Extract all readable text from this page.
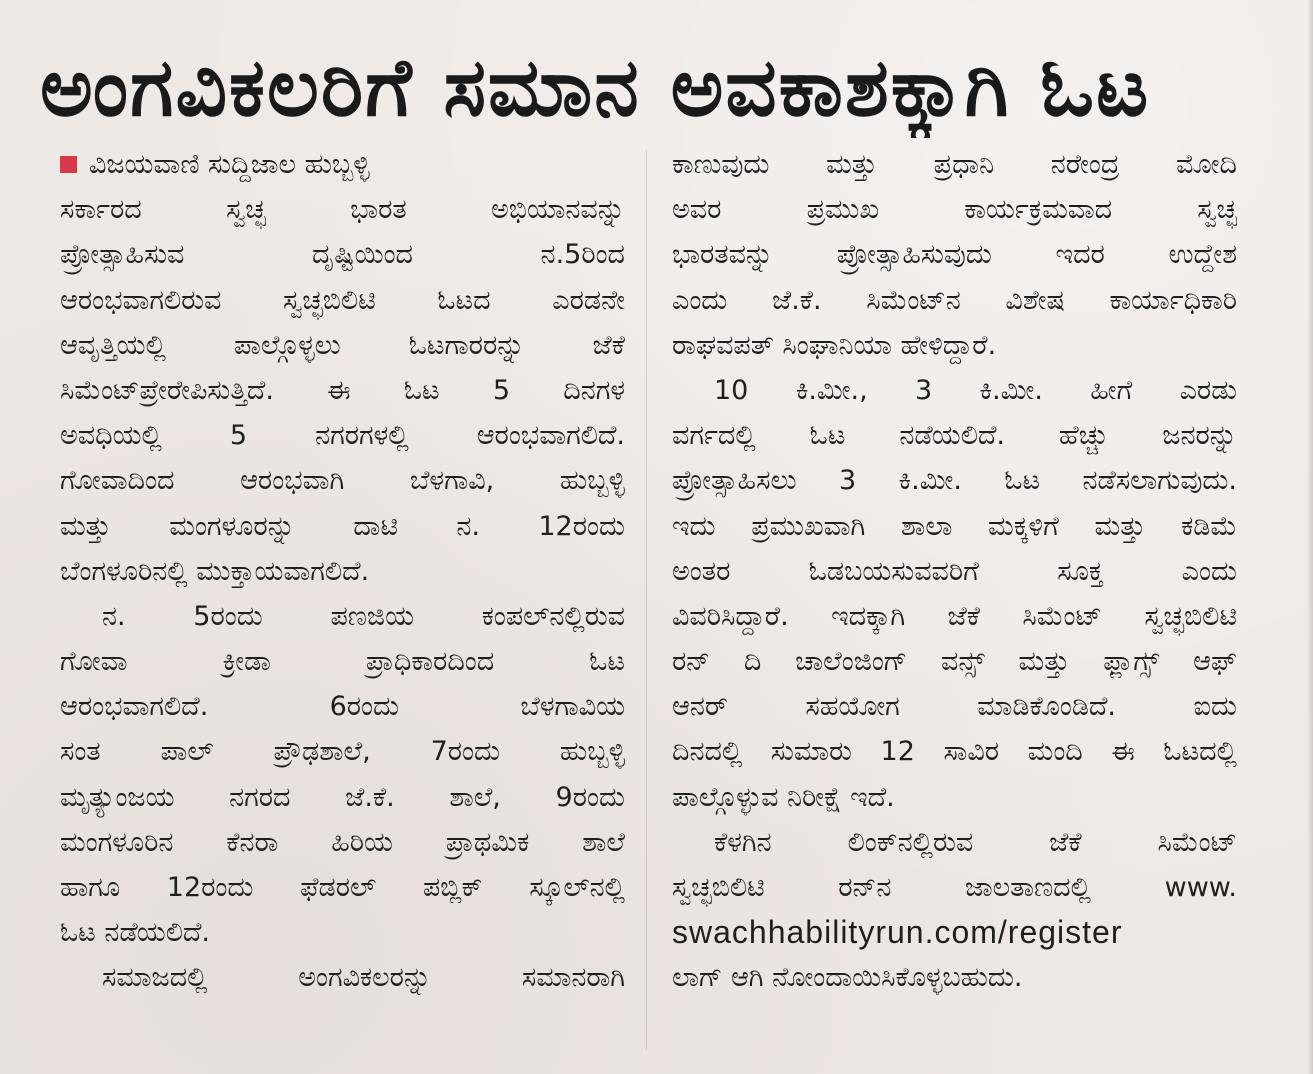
ಅಂಗವಿಕಲರಿಗೆ ಸಮಾನ ಅವಕಾಶಕ್ಕಾಗಿ ಓಟ
ವಿಜಯವಾಣಿ ಸುದ್ದಿಜಾಲ ಹುಬ್ಬಳ್ಳಿ
ಸರ್ಕಾರದ ಸ್ವಚ್ಛ ಭಾರತ ಅಭಿಯಾನವನ್ನು
ಪ್ರೋತ್ಸಾಹಿಸುವ ದೃಷ್ಟಿಯಿಂದ ನ.5ರಿಂದ
ಆರಂಭವಾಗಲಿರುವ ಸ್ವಚ್ಛಬಿಲಿಟಿ ಓಟದ ಎರಡನೇ
ಆವೃತ್ತಿಯಲ್ಲಿ ಪಾಲ್ಗೊಳ್ಳಲು ಓಟಗಾರರನ್ನು ಜೆಕೆ
ಸಿಮೆಂಟ್‌ಪ್ರೇರೇಪಿಸುತ್ತಿದೆ. ಈ ಓಟ 5 ದಿನಗಳ
ಅವಧಿಯಲ್ಲಿ 5 ನಗರಗಳಲ್ಲಿ ಆರಂಭವಾಗಲಿದೆ.
ಗೋವಾದಿಂದ ಆರಂಭವಾಗಿ ಬೆಳಗಾವಿ, ಹುಬ್ಬಳ್ಳಿ
ಮತ್ತು ಮಂಗಳೂರನ್ನು ದಾಟಿ ನ. 12ರಂದು
ಬೆಂಗಳೂರಿನಲ್ಲಿ ಮುಕ್ತಾಯವಾಗಲಿದೆ.
ನ. 5ರಂದು ಪಣಜಿಯ ಕಂಪಲ್‌ನಲ್ಲಿರುವ
ಗೋವಾ ಕ್ರೀಡಾ ಪ್ರಾಧಿಕಾರದಿಂದ ಓಟ
ಆರಂಭವಾಗಲಿದೆ. 6ರಂದು ಬೆಳಗಾವಿಯ
ಸಂತ ಪಾಲ್ ಪ್ರೌಢಶಾಲೆ, 7ರಂದು ಹುಬ್ಬಳ್ಳಿ
ಮೃತ್ಯುಂಜಯ ನಗರದ ಜೆ.ಕೆ. ಶಾಲೆ, 9ರಂದು
ಮಂಗಳೂರಿನ ಕೆನರಾ ಹಿರಿಯ ಪ್ರಾಥಮಿಕ ಶಾಲೆ
ಹಾಗೂ 12ರಂದು ಫೆಡರಲ್ ಪಬ್ಲಿಕ್ ಸ್ಕೂಲ್‌ನಲ್ಲಿ
ಓಟ ನಡೆಯಲಿದೆ.
ಸಮಾಜದಲ್ಲಿ ಅಂಗವಿಕಲರನ್ನು ಸಮಾನರಾಗಿ
ಕಾಣುವುದು ಮತ್ತು ಪ್ರಧಾನಿ ನರೇಂದ್ರ ಮೋದಿ
ಅವರ ಪ್ರಮುಖ ಕಾರ್ಯಕ್ರಮವಾದ ಸ್ವಚ್ಛ
ಭಾರತವನ್ನು ಪ್ರೋತ್ಸಾಹಿಸುವುದು ಇದರ ಉದ್ದೇಶ
ಎಂದು ಜೆ.ಕೆ. ಸಿಮೆಂಟ್‌ನ ವಿಶೇಷ ಕಾರ್ಯಾಧಿಕಾರಿ
ರಾಘವಪತ್ ಸಿಂಘಾನಿಯಾ ಹೇಳಿದ್ದಾರೆ.
10 ಕಿ.ಮೀ., 3 ಕಿ.ಮೀ. ಹೀಗೆ ಎರಡು
ವರ್ಗದಲ್ಲಿ ಓಟ ನಡೆಯಲಿದೆ. ಹೆಚ್ಚು ಜನರನ್ನು
ಪ್ರೋತ್ಸಾಹಿಸಲು 3 ಕಿ.ಮೀ. ಓಟ ನಡೆಸಲಾಗುವುದು.
ಇದು ಪ್ರಮುಖವಾಗಿ ಶಾಲಾ ಮಕ್ಕಳಿಗೆ ಮತ್ತು ಕಡಿಮೆ
ಅಂತರ ಓಡಬಯಸುವವರಿಗೆ ಸೂಕ್ತ ಎಂದು
ವಿವರಿಸಿದ್ದಾರೆ. ಇದಕ್ಕಾಗಿ ಜೆಕೆ ಸಿಮೆಂಟ್ ಸ್ವಚ್ಛಬಿಲಿಟಿ
ರನ್ ದಿ ಚಾಲೆಂಜಿಂಗ್ ವನ್ಸ್ ಮತ್ತು ಫ್ಲಾಗ್ಸ್ ಆಫ್
ಆನರ್ ಸಹಯೋಗ ಮಾಡಿಕೊಂಡಿದೆ. ಐದು
ದಿನದಲ್ಲಿ ಸುಮಾರು 12 ಸಾವಿರ ಮಂದಿ ಈ ಓಟದಲ್ಲಿ
ಪಾಲ್ಗೊಳ್ಳುವ ನಿರೀಕ್ಷೆ ಇದೆ.
ಕೆಳಗಿನ ಲಿಂಕ್‌ನಲ್ಲಿರುವ ಜೆಕೆ ಸಿಮೆಂಟ್
ಸ್ವಚ್ಛಬಿಲಿಟಿ ರನ್‌ನ ಜಾಲತಾಣದಲ್ಲಿ www.
swachhabilityrun.com/register
ಲಾಗ್ ಆಗಿ ನೋಂದಾಯಿಸಿಕೊಳ್ಳಬಹುದು.
